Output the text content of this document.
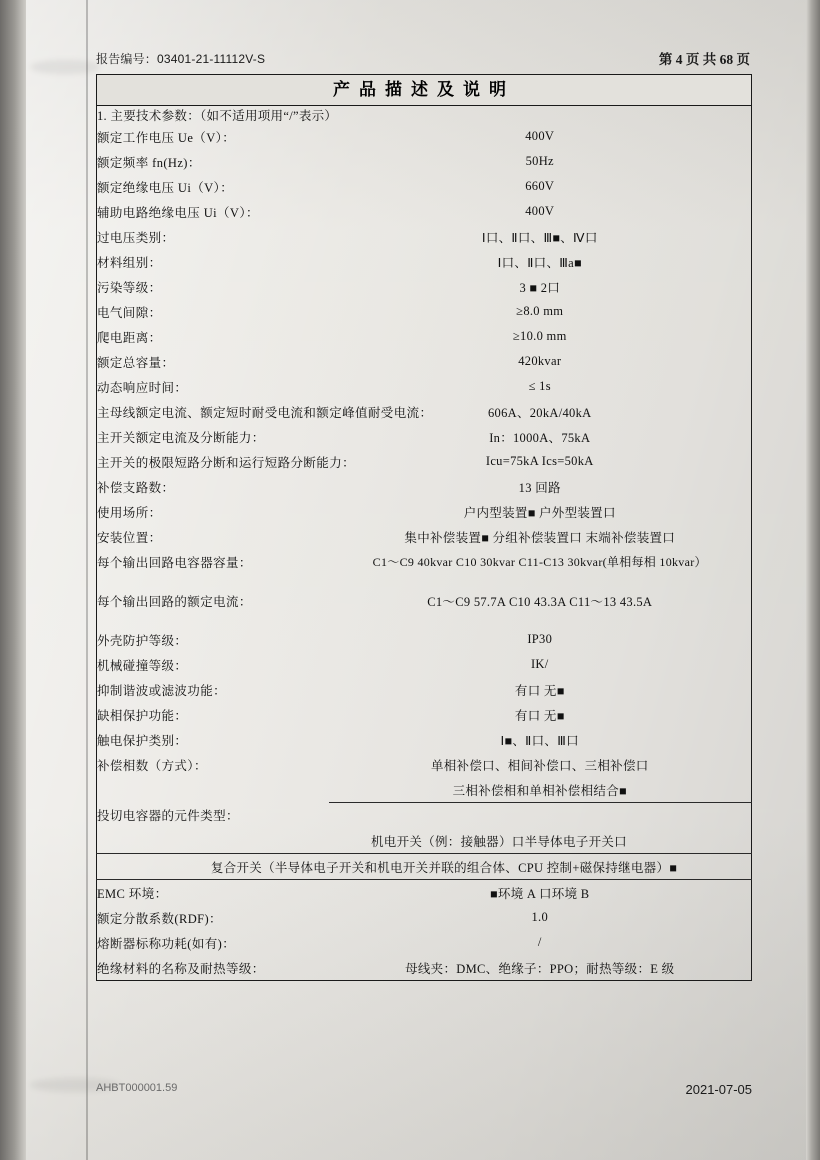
报告编号：03401-21-11112V-S	第 4 页 共 68 页
产品描述及说明
1. 主要技术参数：（如不适用项用“/”表示）	
额定工作电压 Ue（V）：	400V
额定频率 fn(Hz)：	50Hz
额定绝缘电压 Ui（V）：	660V
辅助电路绝缘电压 Ui（V）：	400V
过电压类别：	Ⅰ口、Ⅱ口、Ⅲ■、Ⅳ口
材料组别：	Ⅰ口、Ⅱ口、Ⅲa■
污染等级：	3 ■ 2口
电气间隙：	≥8.0 mm
爬电距离：	≥10.0 mm
额定总容量：	420kvar
动态响应时间：	≤ 1s
主母线额定电流、额定短时耐受电流和额定峰值耐受电流：	606A、20kA/40kA
主开关额定电流及分断能力：	In：1000A、75kA
主开关的极限短路分断和运行短路分断能力：	Icu=75kA Ics=50kA
补偿支路数：	13 回路
使用场所：	户内型装置■ 户外型装置口
安装位置：	集中补偿装置■ 分组补偿装置口 末端补偿装置口
每个输出回路电容器容量：	C1～C9 40kvar C10 30kvar C11-C13 30kvar(单相每相 10kvar）

每个输出回路的额定电流：	C1～C9 57.7A C10 43.3A C11～13 43.5A

外壳防护等级：	IP30
机械碰撞等级：	IK/
抑制谐波或滤波功能：	有口 无■
缺相保护功能：	有口 无■
触电保护类别：	Ⅰ■、Ⅱ口、Ⅲ口
补偿相数（方式）：	单相补偿口、相间补偿口、三相补偿口
	三相补偿相和单相补偿相结合■
投切电容器的元件类型：	
机电开关（例：接触器）口半导体电子开关口	
复合开关（半导体电子开关和机电开关并联的组合体、CPU 控制+磁保持继电器）■	
EMC 环境：	■环境 A 口环境 B
额定分散系数(RDF)：	1.0
熔断器标称功耗(如有)：	/
绝缘材料的名称及耐热等级：	母线夹：DMC、绝缘子：PPO；耐热等级：E 级
AHBT000001.59	2021-07-05
